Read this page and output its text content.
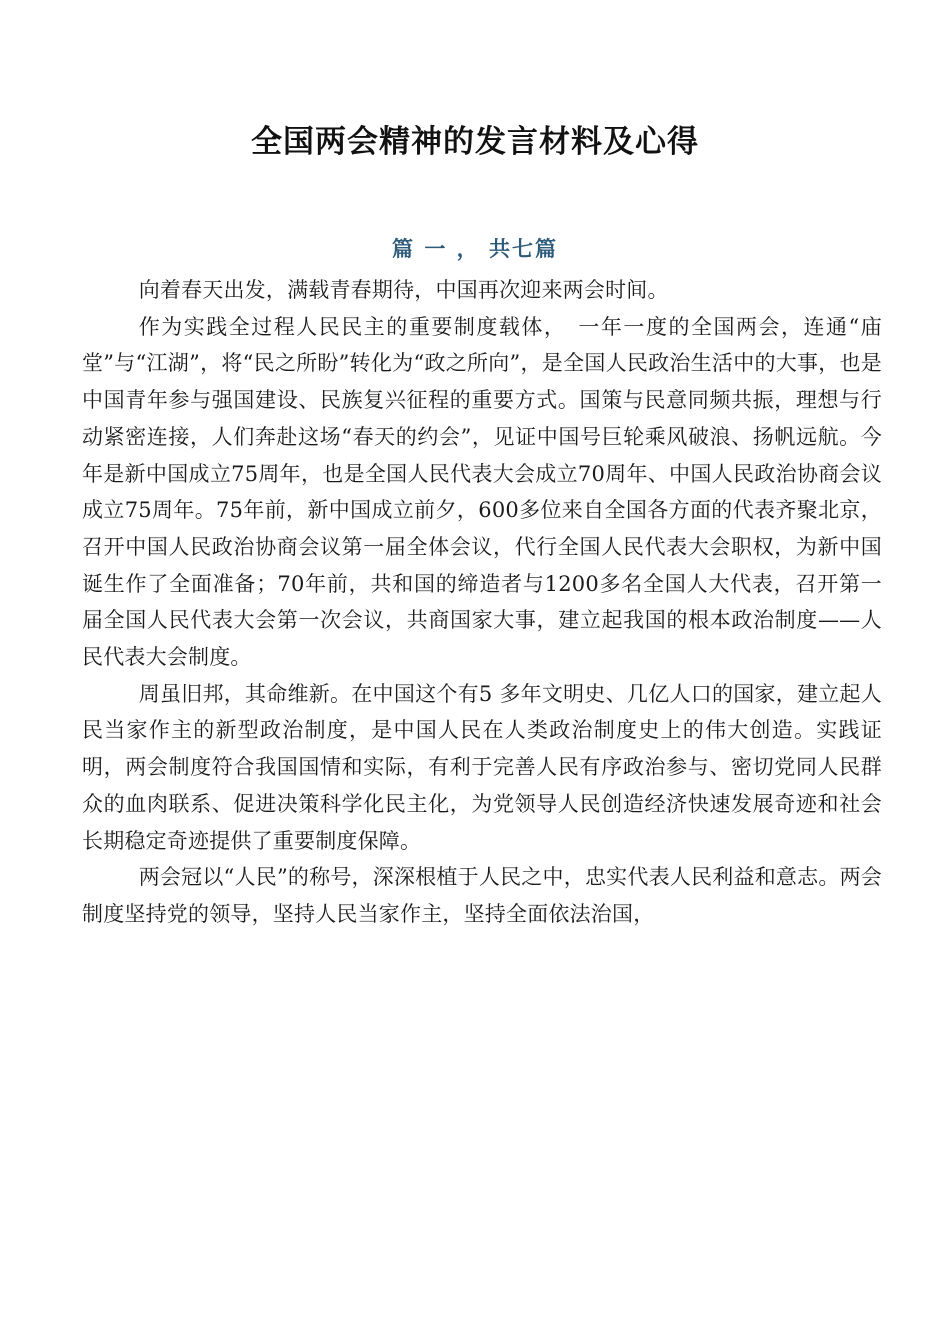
全国两会精神的发言材料及心得
篇 一 ， 共七篇

向着春天出发，满载青春期待，中国再次迎来两会时间。

作为实践全过程人民民主的重要制度载体，　一年一度的全国两会，连通“庙堂”与“江湖”，将“民之所盼”转化为“政之所向”，是全国人民政治生活中的大事，也是中国青年参与强国建设、民族复兴征程的重要方式。国策与民意同频共振，理想与行动紧密连接，人们奔赴这场“春天的约会”，见证中国号巨轮乘风破浪、扬帆远航。今年是新中国成立75周年，也是全国人民代表大会成立70周年、中国人民政治协商会议成立75周年。75年前，新中国成立前夕，600多位来自全国各方面的代表齐聚北京，召开中国人民政治协商会议第一届全体会议，代行全国人民代表大会职权，为新中国诞生作了全面准备；70年前，共和国的缔造者与1200多名全国人大代表，召开第一届全国人民代表大会第一次会议，共商国家大事，建立起我国的根本政治制度——人民代表大会制度。

周虽旧邦，其命维新。在中国这个有5 多年文明史、几亿人口的国家，建立起人民当家作主的新型政治制度，是中国人民在人类政治制度史上的伟大创造。实践证明，两会制度符合我国国情和实际，有利于完善人民有序政治参与、密切党同人民群众的血肉联系、促进决策科学化民主化，为党领导人民创造经济快速发展奇迹和社会长期稳定奇迹提供了重要制度保障。

两会冠以“人民”的称号，深深根植于人民之中，忠实代表人民利益和意志。两会制度坚持党的领导，坚持人民当家作主，坚持全面依法治国，
